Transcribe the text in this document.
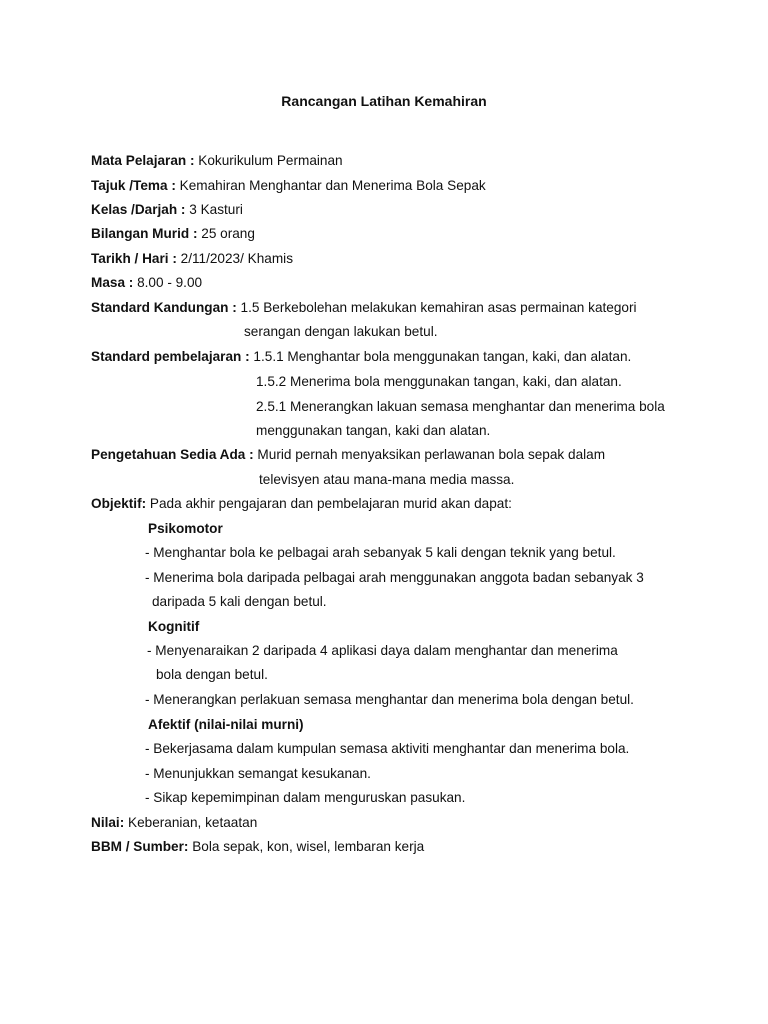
Rancangan Latihan Kemahiran
Mata Pelajaran : Kokurikulum Permainan
Tajuk /Tema : Kemahiran Menghantar dan Menerima Bola Sepak
Kelas /Darjah : 3 Kasturi
Bilangan Murid : 25 orang
Tarikh / Hari : 2/11/2023/ Khamis
Masa : 8.00 - 9.00
Standard Kandungan : 1.5 Berkebolehan melakukan kemahiran asas permainan kategori
serangan dengan lakukan betul.
Standard pembelajaran : 1.5.1 Menghantar bola menggunakan tangan, kaki, dan alatan.
1.5.2 Menerima bola menggunakan tangan, kaki, dan alatan.
2.5.1 Menerangkan lakuan semasa menghantar dan menerima bola
menggunakan tangan, kaki dan alatan.
Pengetahuan Sedia Ada : Murid pernah menyaksikan perlawanan bola sepak dalam
televisyen atau mana-mana media massa.
Objektif: Pada akhir pengajaran dan pembelajaran murid akan dapat:
Psikomotor
- Menghantar bola ke pelbagai arah sebanyak 5 kali dengan teknik yang betul.
- Menerima bola daripada pelbagai arah menggunakan anggota badan sebanyak 3
daripada 5 kali dengan betul.
Kognitif
- Menyenaraikan 2 daripada 4 aplikasi daya dalam menghantar dan menerima
bola dengan betul.
- Menerangkan perlakuan semasa menghantar dan menerima bola dengan betul.
Afektif (nilai-nilai murni)
- Bekerjasama dalam kumpulan semasa aktiviti menghantar dan menerima bola.
- Menunjukkan semangat kesukanan.
- Sikap kepemimpinan dalam menguruskan pasukan.
Nilai: Keberanian, ketaatan
BBM / Sumber: Bola sepak, kon, wisel, lembaran kerja
